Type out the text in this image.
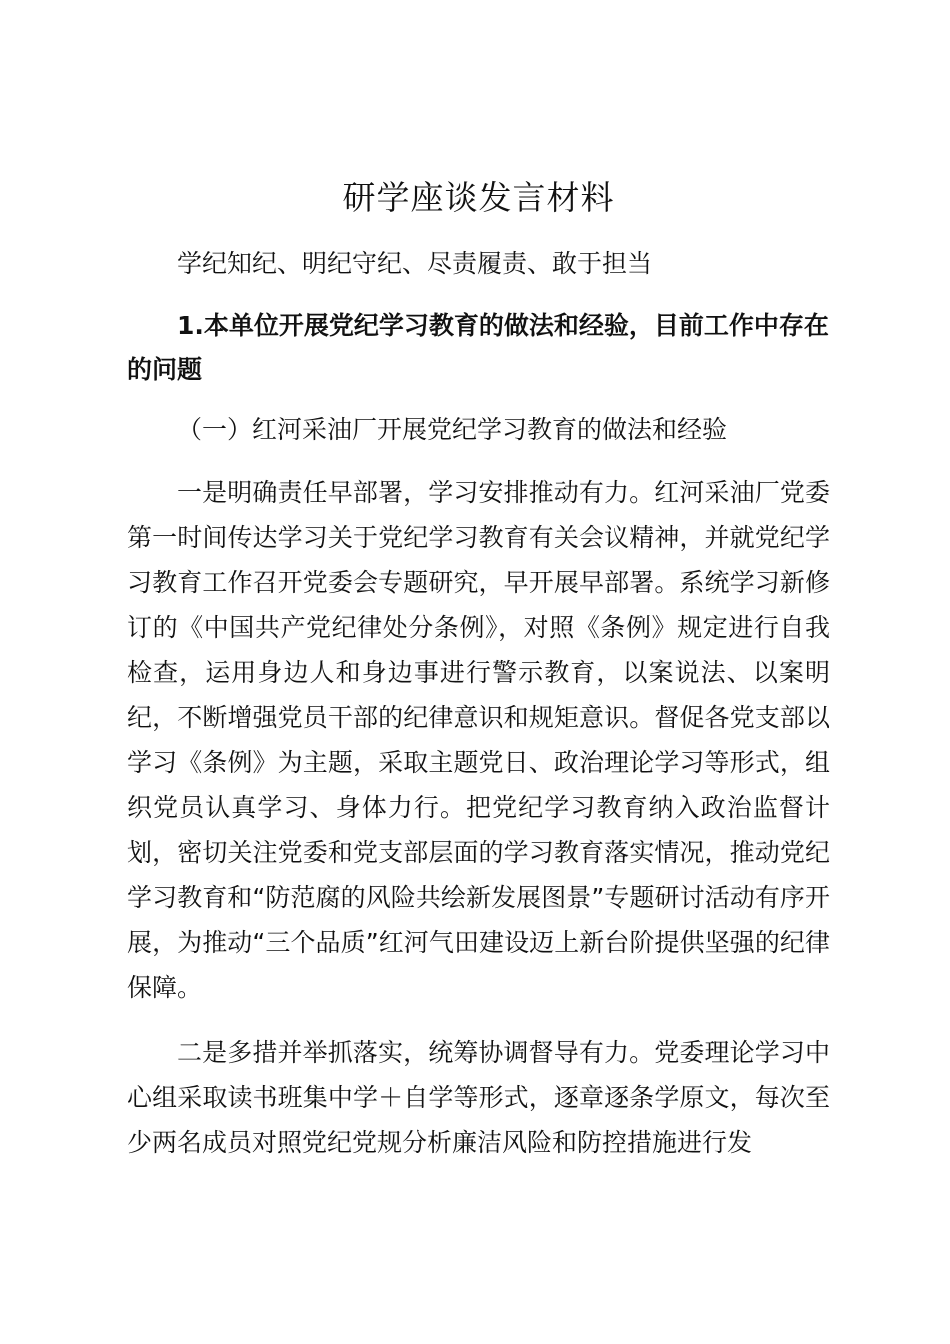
研学座谈发言材料

学纪知纪、明纪守纪、尽责履责、敢于担当

1.本单位开展党纪学习教育的做法和经验，目前工作中存在的问题

（一）红河采油厂开展党纪学习教育的做法和经验

一是明确责任早部署，学习安排推动有力。红河采油厂党委第一时间传达学习关于党纪学习教育有关会议精神，并就党纪学习教育工作召开党委会专题研究，早开展早部署。系统学习新修订的《中国共产党纪律处分条例》，对照《条例》规定进行自我检查，运用身边人和身边事进行警示教育，以案说法、以案明纪，不断增强党员干部的纪律意识和规矩意识。督促各党支部以学习《条例》为主题，采取主题党日、政治理论学习等形式，组织党员认真学习、身体力行。把党纪学习教育纳入政治监督计划，密切关注党委和党支部层面的学习教育落实情况，推动党纪学习教育和“防范腐的风险共绘新发展图景”专题研讨活动有序开展，为推动“三个品质”红河气田建设迈上新台阶提供坚强的纪律保障。

二是多措并举抓落实，统筹协调督导有力。党委理论学习中心组采取读书班集中学＋自学等形式，逐章逐条学原文，每次至少两名成员对照党纪党规分析廉洁风险和防控措施进行发
